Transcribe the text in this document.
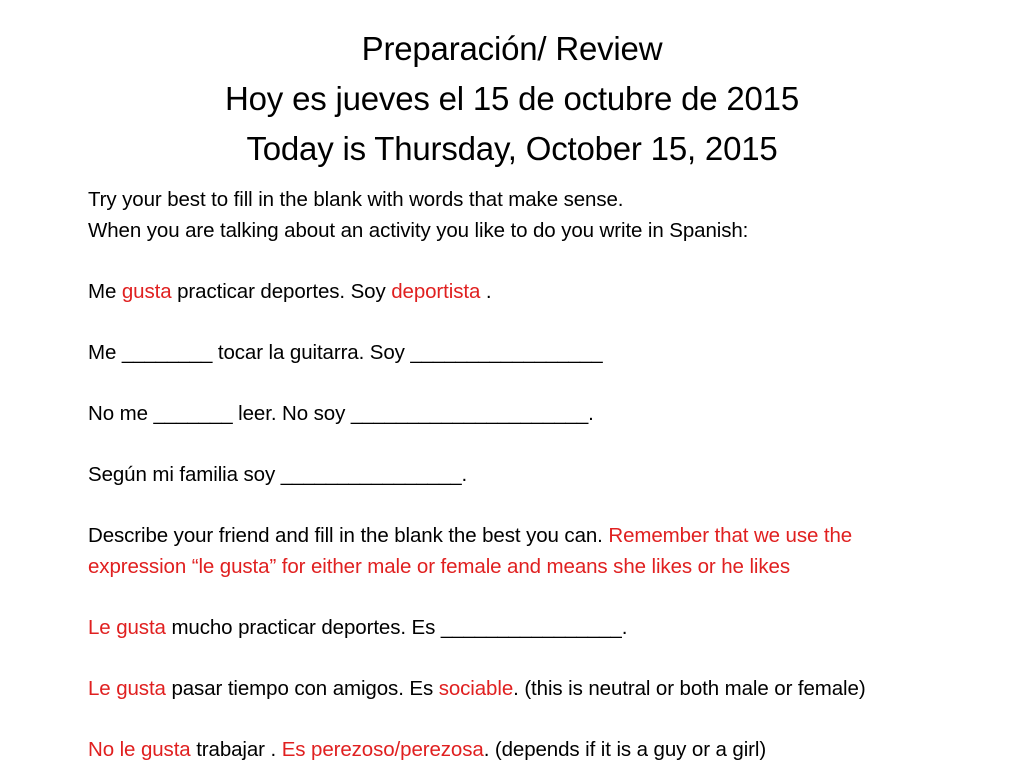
Preparación/ Review
Hoy es jueves el 15 de octubre de 2015
Today is Thursday, October 15, 2015
Try your best to fill in the blank with words that make sense.
When you are talking about an activity you like to do you write in Spanish:
Me gusta practicar deportes. Soy deportista .
Me ________ tocar la guitarra. Soy _________________
No me _______ leer. No soy _____________________.
Según mi familia soy ________________.
Describe your friend and fill in the blank the best you can. Remember that we use the
expression “le gusta” for either male or female and means she likes or he likes
Le gusta mucho practicar deportes. Es ________________.
Le gusta pasar tiempo con amigos. Es sociable. (this is neutral or both male or female)
No le gusta trabajar . Es perezoso/perezosa. (depends if it is a guy or a girl)
